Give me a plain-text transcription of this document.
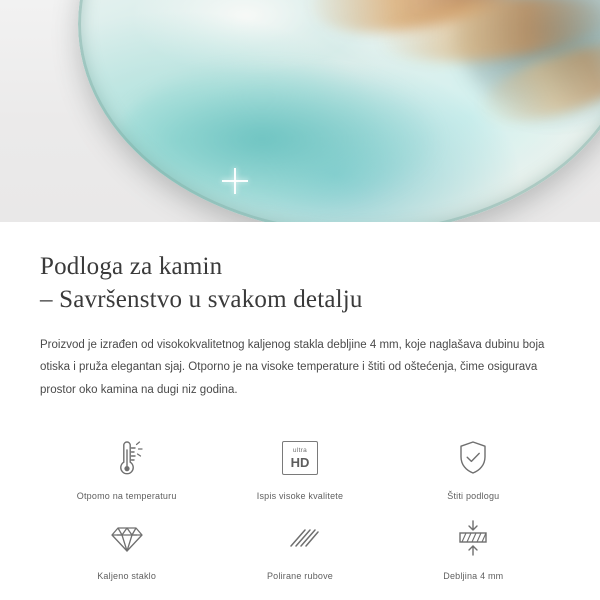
Podloga za kamin
– Savršenstvo u svakom detalju

Proizvod je izrađen od visokokvalitetnog kaljenog stakla debljine 4 mm, koje naglašava dubinu boja otiska i pruža elegantan sjaj. Otporno je na visoke temperature i štiti od oštećenja, čime osigurava prostor oko kamina na dugi niz godina.

Otpomo na temperaturu
ultra
HD
Ispis visoke kvalitete	Štiti podlogu
Kaljeno staklo	Polirane rubove	Debljina 4 mm
